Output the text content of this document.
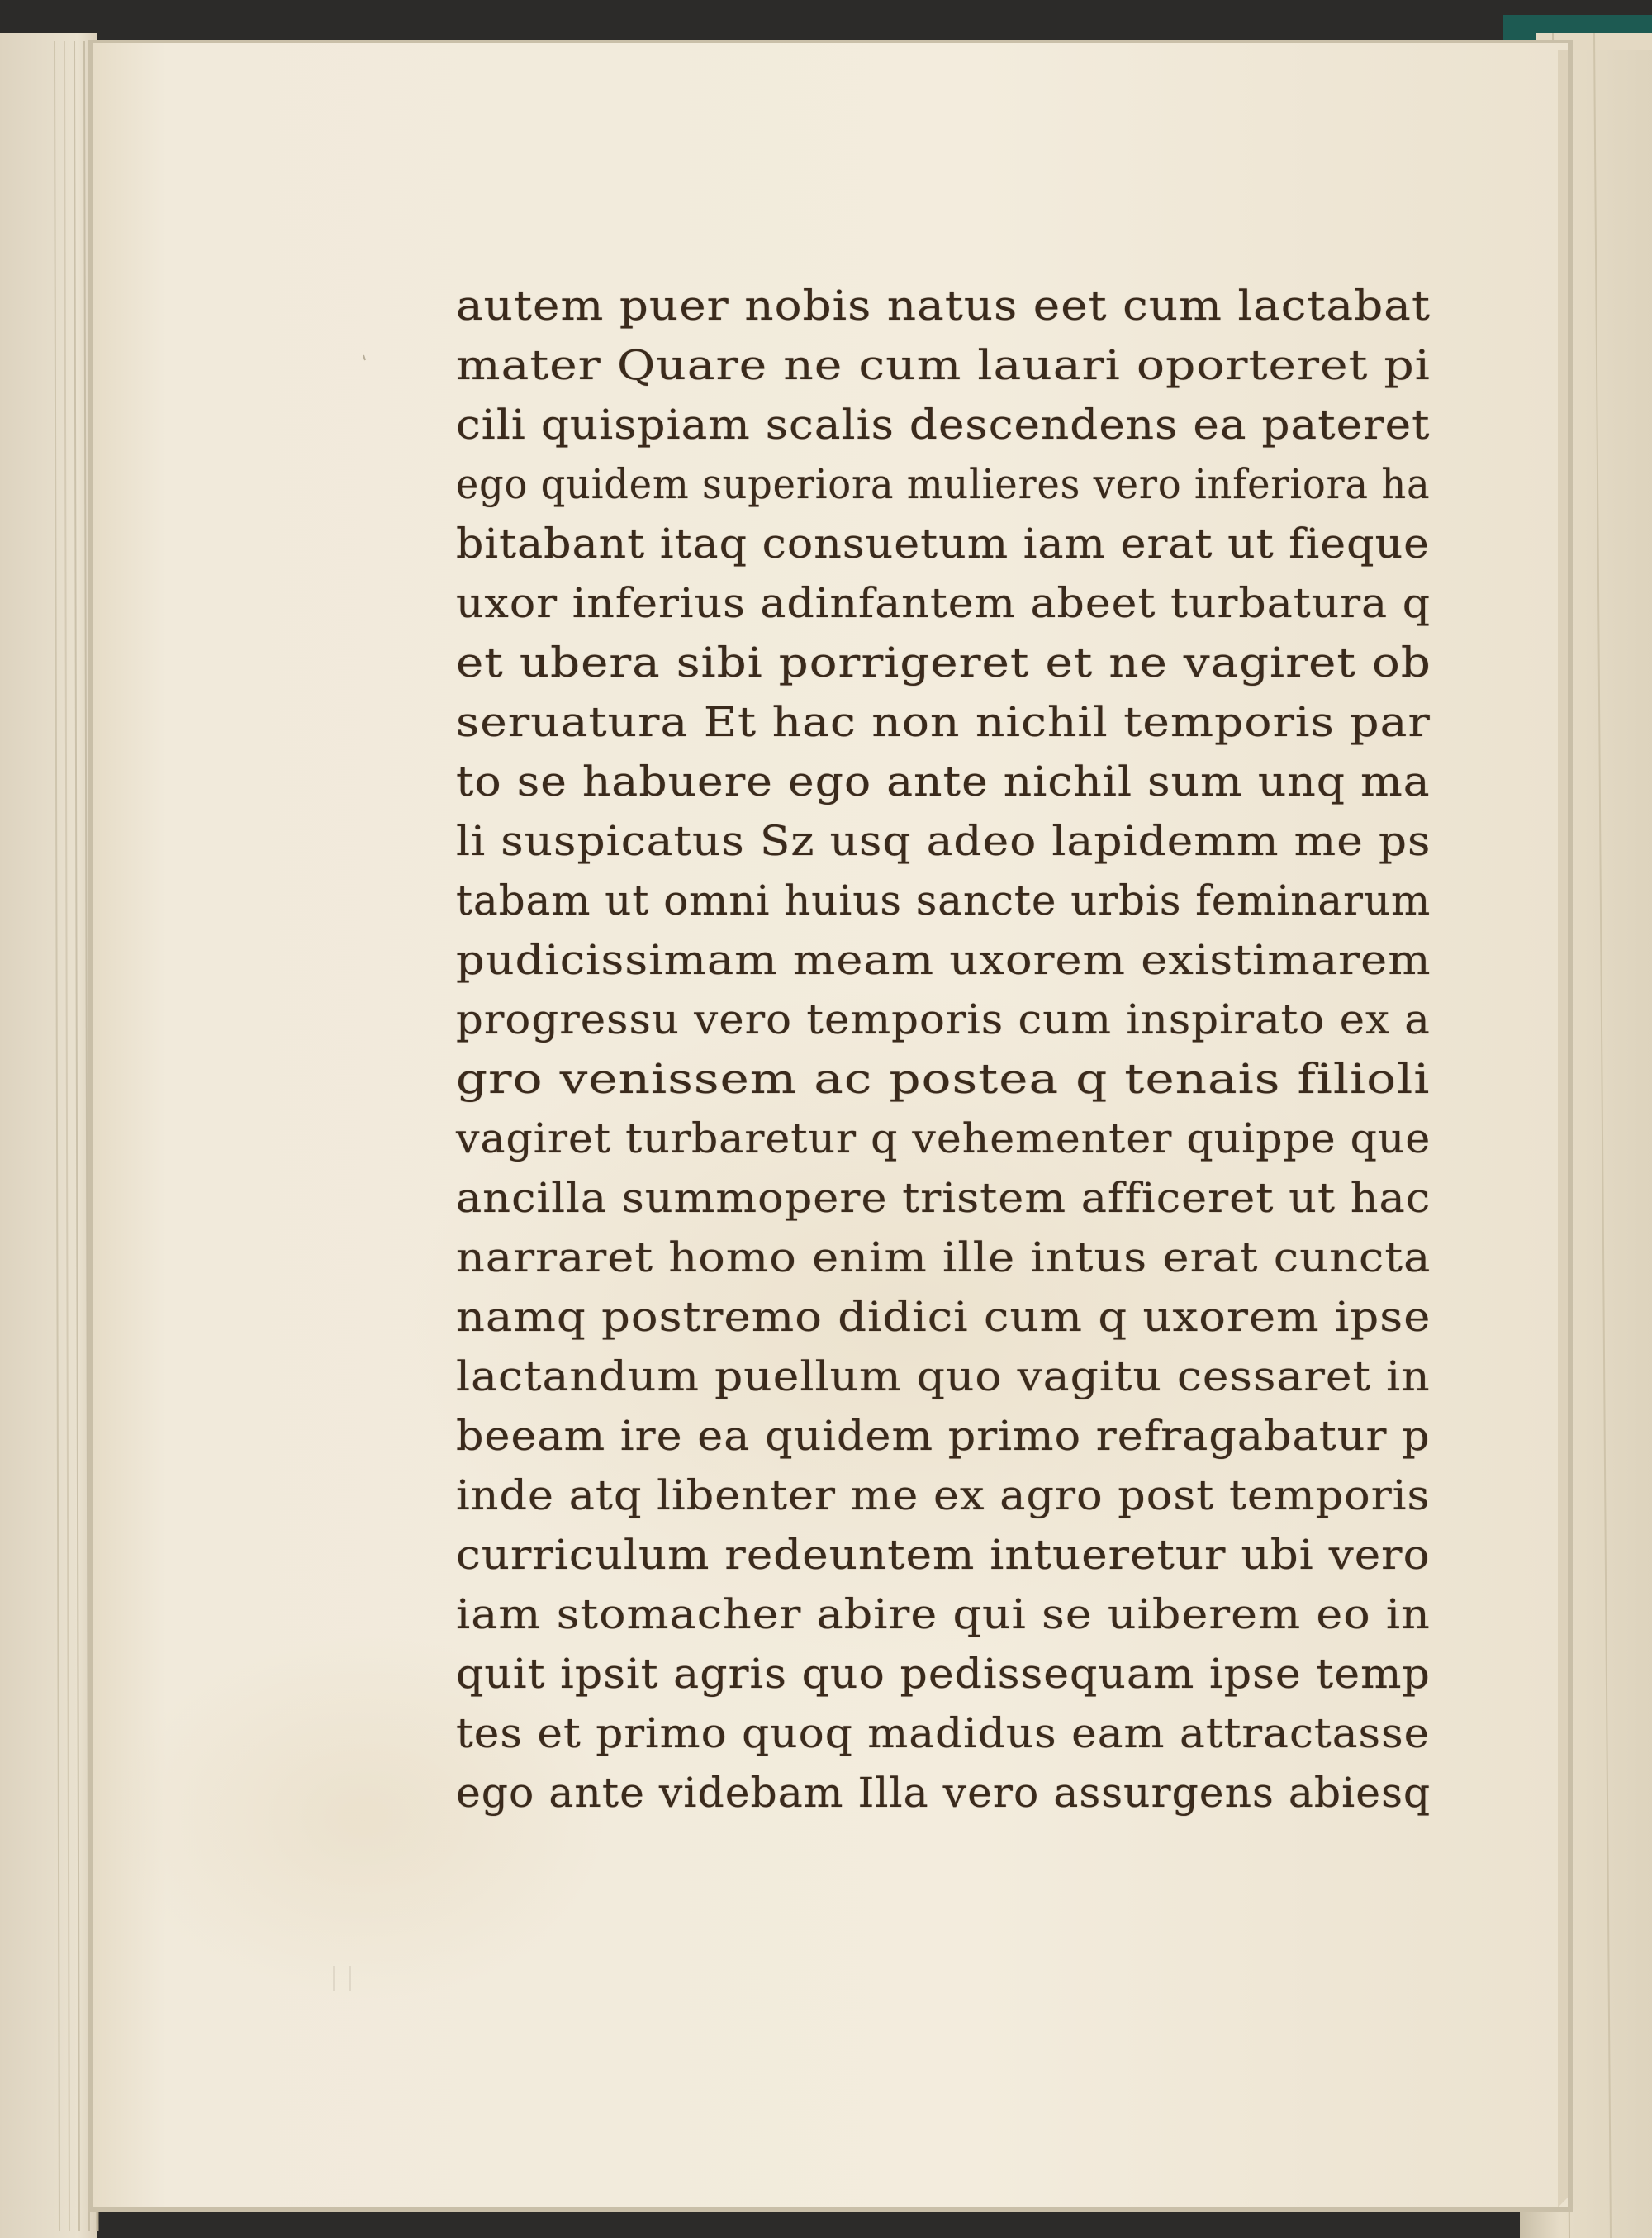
autem puer nobis natus eet cum lactabat
mater Quare ne cum lauari oporteret pi
cili quispiam scalis descendens ea pateret
ego quidem superiora mulieres vero inferiora ha
bitabant itaq consuetum iam erat ut fieque
uxor inferius adinfantem abeet turbatura q
et ubera sibi porrigeret et ne vagiret ob
seruatura Et hac non nichil temporis par
to se habuere ego ante nichil sum unq ma
li suspicatus Sz usq adeo lapidemm me ps
tabam ut omni huius sancte urbis feminarum
pudicissimam meam uxorem existimarem
progressu vero temporis cum inspirato ex a
gro venissem ac postea q tenais filioli
vagiret turbaretur q vehementer quippe que
ancilla summopere tristem afficeret ut hac
narraret homo enim ille intus erat cuncta
namq postremo didici cum q uxorem ipse
lactandum puellum quo vagitu cessaret in
beeam ire ea quidem primo refragabatur p
inde atq libenter me ex agro post temporis
curriculum redeuntem intueretur ubi vero
iam stomacher abire qui se uiberem eo in
quit ipsit agris quo pedissequam ipse temp
tes et primo quoq madidus eam attractasse
ego ante videbam Illa vero assurgens abiesq
